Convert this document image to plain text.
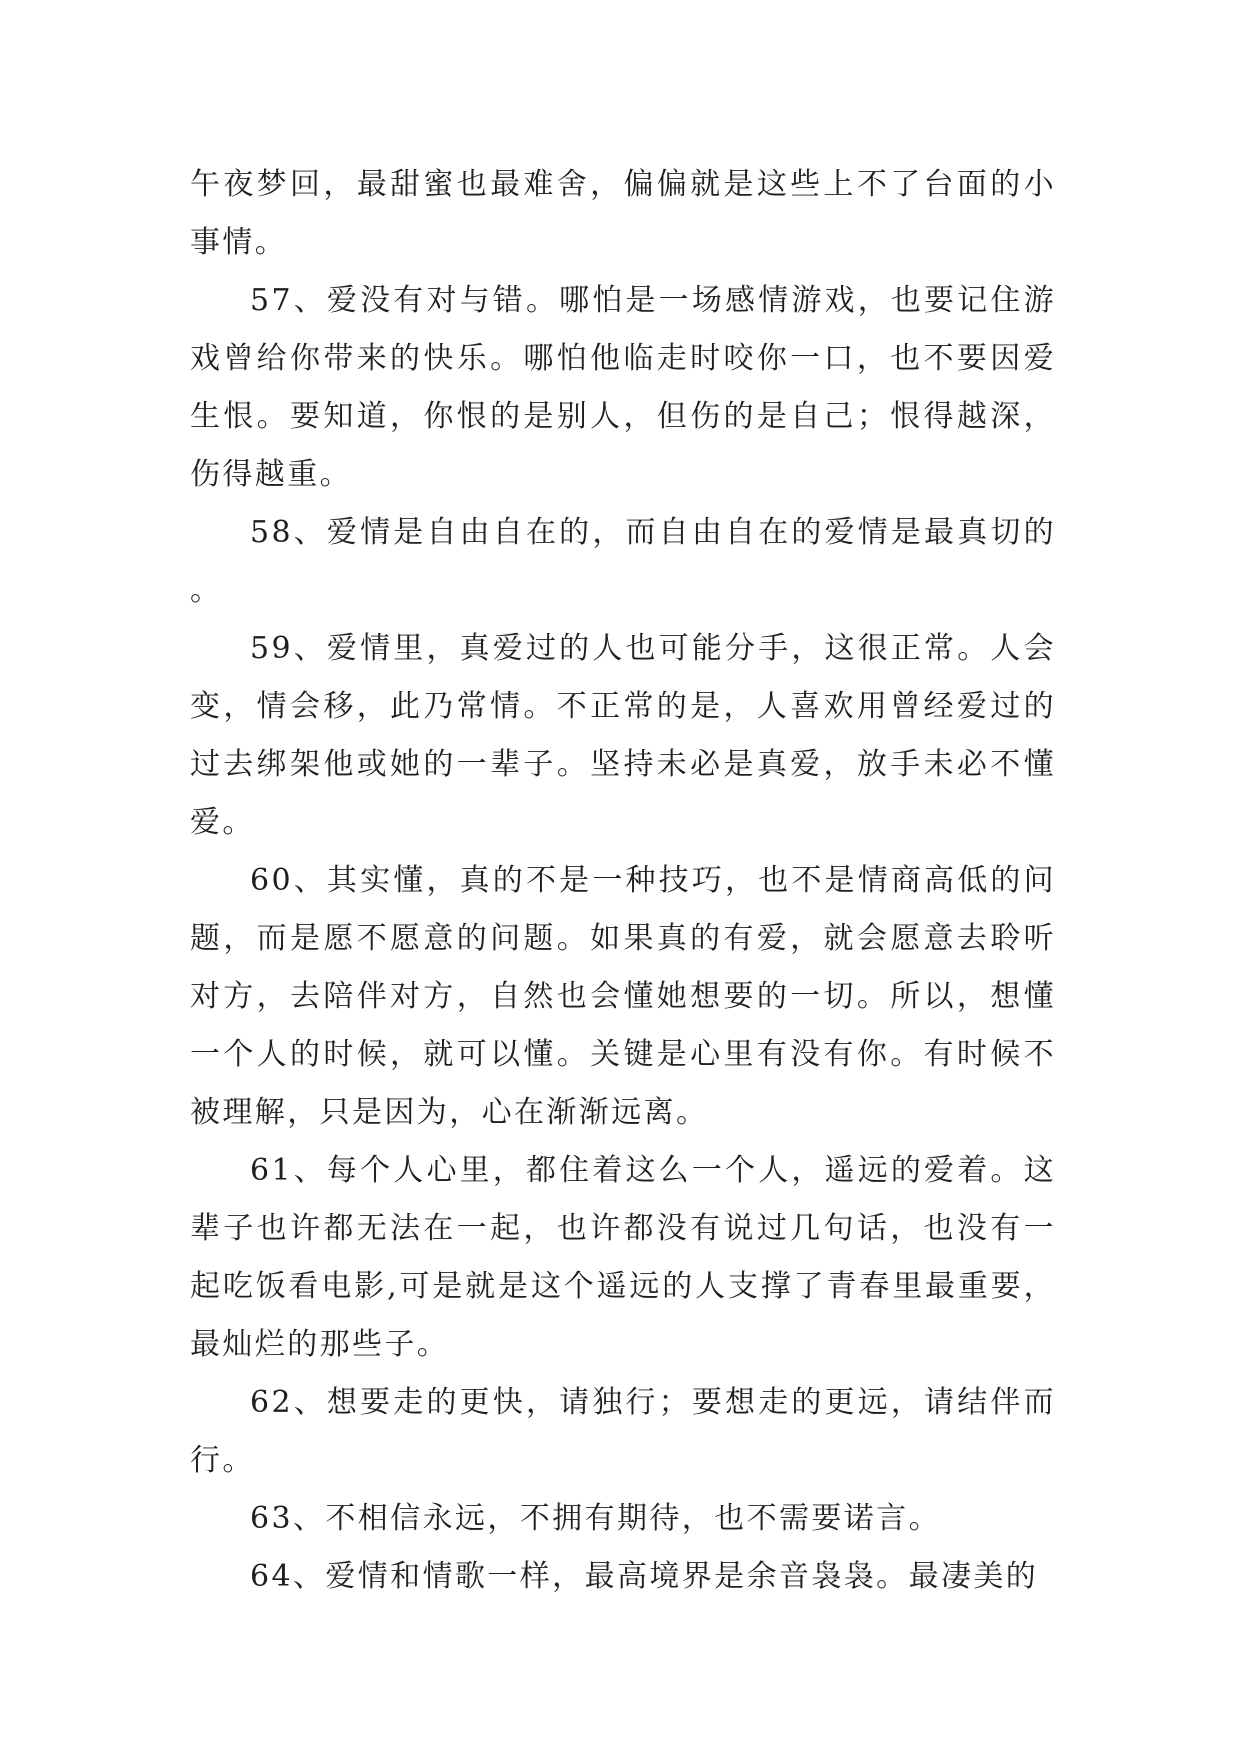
午夜梦回，最甜蜜也最难舍，偏偏就是这些上不了台面的小事情。

57、爱没有对与错。哪怕是一场感情游戏，也要记住游戏曾给你带来的快乐。哪怕他临走时咬你一口，也不要因爱生恨。要知道，你恨的是别人，但伤的是自己；恨得越深，伤得越重。

58、爱情是自由自在的，而自由自在的爱情是最真切的。

59、爱情里，真爱过的人也可能分手，这很正常。人会变，情会移，此乃常情。不正常的是，人喜欢用曾经爱过的过去绑架他或她的一辈子。坚持未必是真爱，放手未必不懂爱。

60、其实懂，真的不是一种技巧，也不是情商高低的问题，而是愿不愿意的问题。如果真的有爱，就会愿意去聆听对方，去陪伴对方，自然也会懂她想要的一切。所以，想懂一个人的时候，就可以懂。关键是心里有没有你。有时候不被理解，只是因为，心在渐渐远离。

61、每个人心里，都住着这么一个人，遥远的爱着。这辈子也许都无法在一起，也许都没有说过几句话，也没有一起吃饭看电影,可是就是这个遥远的人支撑了青春里最重要，最灿烂的那些子。

62、想要走的更快，请独行；要想走的更远，请结伴而行。

63、不相信永远，不拥有期待，也不需要诺言。

64、爱情和情歌一样，最高境界是余音袅袅。最凄美的
